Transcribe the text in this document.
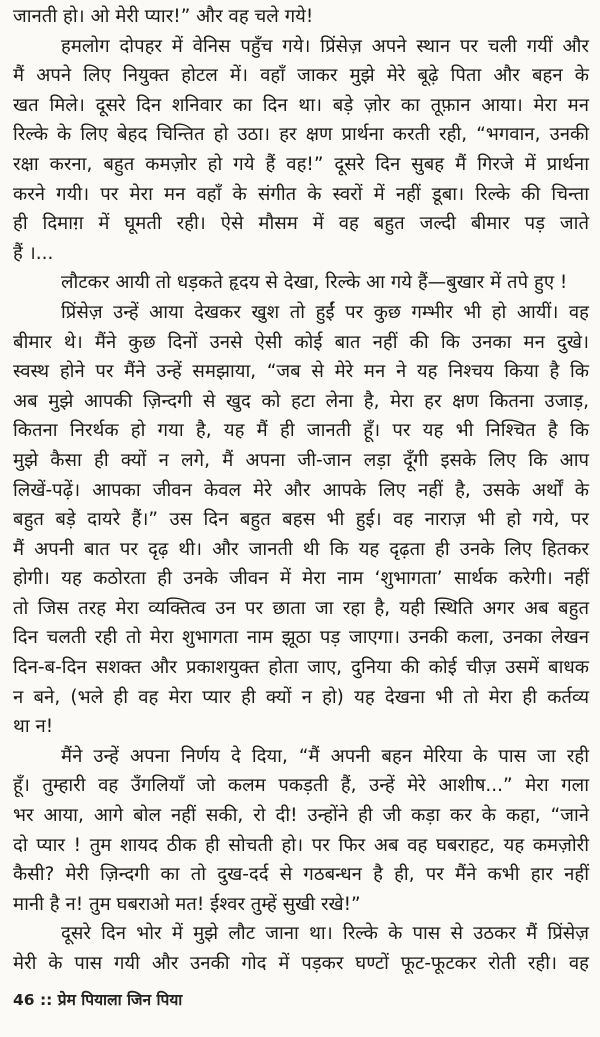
जानती हो। ओ मेरी प्यार!” और वह चले गये!
हमलोग दोपहर में वेनिस पहुँच गये। प्रिंसेज़ अपने स्थान पर चली गयीं और
मैं अपने लिए नियुक्त होटल में। वहाँ जाकर मुझे मेरे बूढ़े पिता और बहन के
खत मिले। दूसरे दिन शनिवार का दिन था। बड़े ज़ोर का तूफ़ान आया। मेरा मन
रिल्के के लिए बेहद चिन्तित हो उठा। हर क्षण प्रार्थना करती रही, “भगवान, उनकी
रक्षा करना, बहुत कमज़ोर हो गये हैं वह!” दूसरे दिन सुबह मैं गिरजे में प्रार्थना
करने गयी। पर मेरा मन वहाँ के संगीत के स्वरों में नहीं डूबा। रिल्के की चिन्ता
ही दिमाग़ में घूमती रही। ऐसे मौसम में वह बहुत जल्दी बीमार पड़ जाते
हैं ।...
लौटकर आयी तो धड़कते हृदय से देखा, रिल्के आ गये हैं—बुखार में तपे हुए !
प्रिंसेज़ उन्हें आया देखकर खुश तो हुईं पर कुछ गम्भीर भी हो आयीं। वह
बीमार थे। मैंने कुछ दिनों उनसे ऐसी कोई बात नहीं की कि उनका मन दुखे।
स्वस्थ होने पर मैंने उन्हें समझाया, “जब से मेरे मन ने यह निश्चय किया है कि
अब मुझे आपकी ज़िन्दगी से खुद को हटा लेना है, मेरा हर क्षण कितना उजाड़,
कितना निरर्थक हो गया है, यह मैं ही जानती हूँ। पर यह भी निश्चित है कि
मुझे कैसा ही क्यों न लगे, मैं अपना जी-जान लड़ा दूँगी इसके लिए कि आप
लिखें-पढ़ें। आपका जीवन केवल मेरे और आपके लिए नहीं है, उसके अर्थों के
बहुत बड़े दायरे हैं।” उस दिन बहुत बहस भी हुई। वह नाराज़ भी हो गये, पर
मैं अपनी बात पर दृढ़ थी। और जानती थी कि यह दृढ़ता ही उनके लिए हितकर
होगी। यह कठोरता ही उनके जीवन में मेरा नाम ‘शुभागता’ सार्थक करेगी। नहीं
तो जिस तरह मेरा व्यक्तित्व उन पर छाता जा रहा है, यही स्थिति अगर अब बहुत
दिन चलती रही तो मेरा शुभागता नाम झूठा पड़ जाएगा। उनकी कला, उनका लेखन
दिन-ब-दिन सशक्त और प्रकाशयुक्त होता जाए, दुनिया की कोई चीज़ उसमें बाधक
न बने, (भले ही वह मेरा प्यार ही क्यों न हो) यह देखना भी तो मेरा ही कर्तव्य
था न!
मैंने उन्हें अपना निर्णय दे दिया, “मैं अपनी बहन मेरिया के पास जा रही
हूँ। तुम्हारी वह उँगलियाँ जो कलम पकड़ती हैं, उन्हें मेरे आशीष...” मेरा गला
भर आया, आगे बोल नहीं सकी, रो दी! उन्होंने ही जी कड़ा कर के कहा, “जाने
दो प्यार ! तुम शायद ठीक ही सोचती हो। पर फिर अब वह घबराहट, यह कमज़ोरी
कैसी? मेरी ज़िन्दगी का तो दुख-दर्द से गठबन्धन है ही, पर मैंने कभी हार नहीं
मानी है न! तुम घबराओ मत! ईश्वर तुम्हें सुखी रखे!”
दूसरे दिन भोर में मुझे लौट जाना था। रिल्के के पास से उठकर मैं प्रिंसेज़
मेरी के पास गयी और उनकी गोद में पड़कर घण्टों फूट-फूटकर रोती रही। वह
46 :: प्रेम पियाला जिन पिया
